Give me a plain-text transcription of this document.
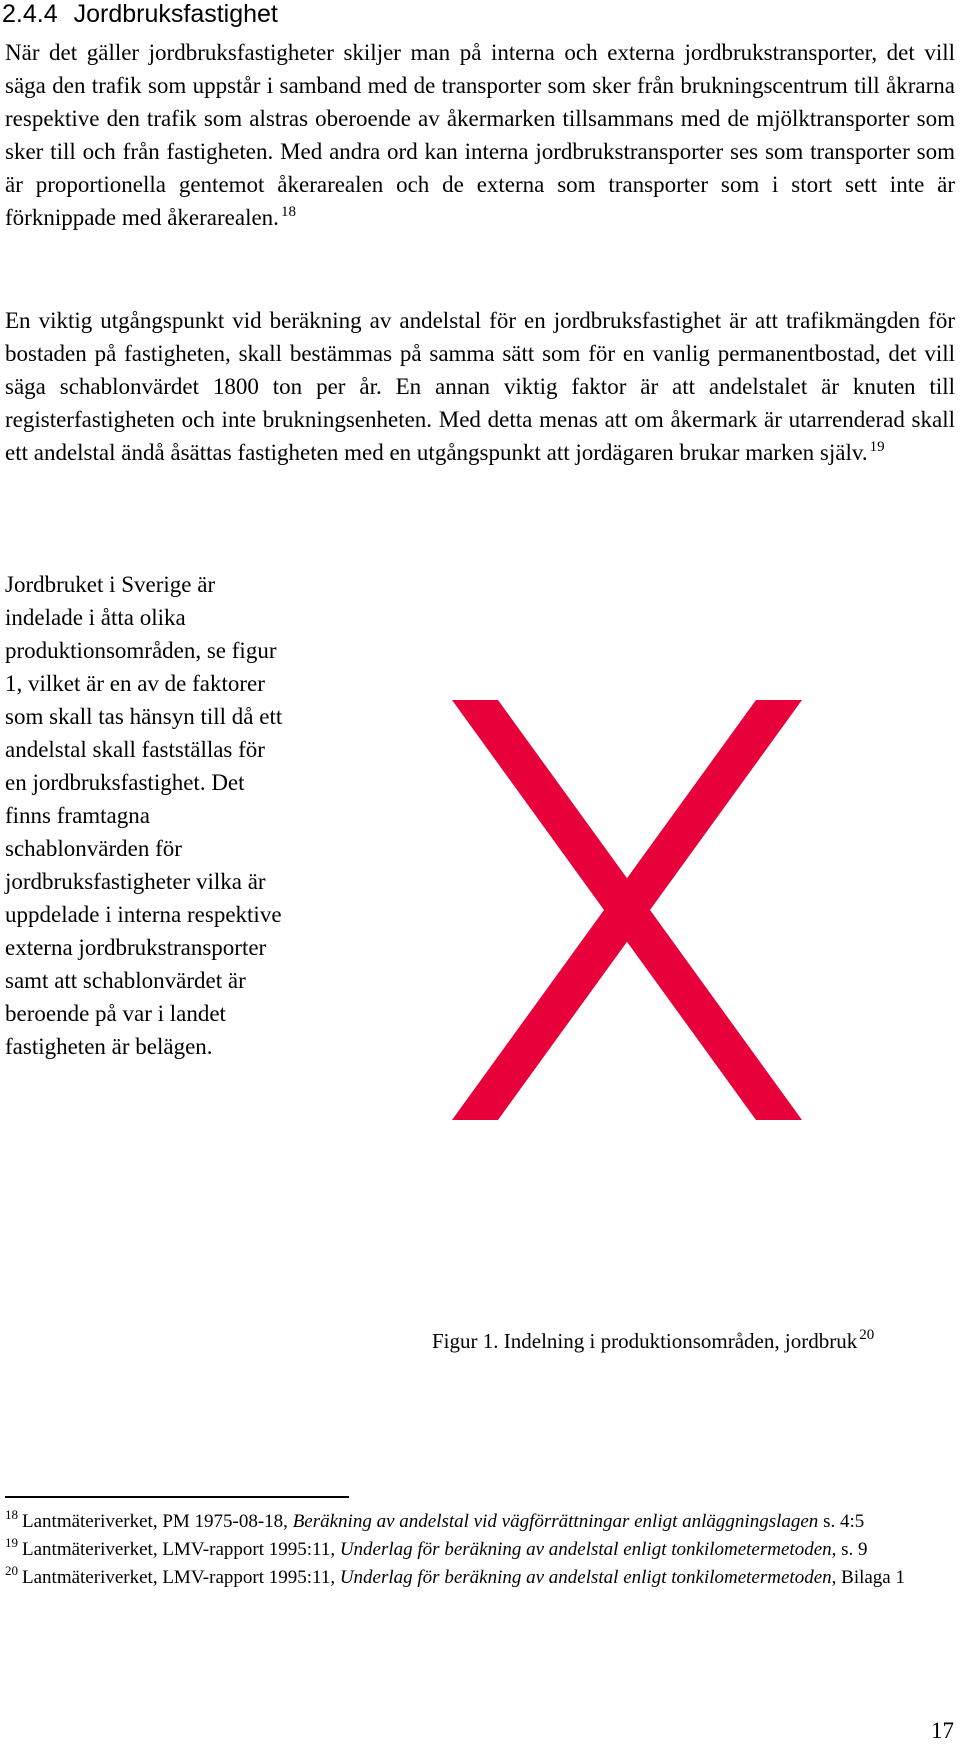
2.4.4 Jordbruksfastighet

När det gäller jordbruksfastigheter skiljer man på interna och externa jordbrukstransporter, det vill säga den trafik som uppstår i samband med de transporter som sker från brukningscentrum till åkrarna respektive den trafik som alstras oberoende av åkermarken tillsammans med de mjölktransporter som sker till och från fastigheten. Med andra ord kan interna jordbrukstransporter ses som transporter som är proportionella gentemot åkerarealen och de externa som transporter som i stort sett inte är förknippade med åkerarealen. $^{18}$

En viktig utgångspunkt vid beräkning av andelstal för en jordbruksfastighet är att trafikmängden för bostaden på fastigheten, skall bestämmas på samma sätt som för en vanlig permanentbostad, det vill säga schablonvärdet 1800 ton per år. En annan viktig faktor är att andelstalet är knuten till registerfastigheten och inte brukningsenheten. Med detta menas att om åkermark är utarrenderad skall ett andelstal ändå åsättas fastigheten med en utgångspunkt att jordägaren brukar marken själv. $^{19}$

Jordbruket i Sverige är indelade i åtta olika produktionsområden, se figur 1, vilket är en av de faktorer som skall tas hänsyn till då ett andelstal skall fastställas för en jordbruksfastighet. Det finns framtagna schablonvärden för jordbruksfastigheter vilka är uppdelade i interna respektive externa jordbrukstransporter samt att schablonvärdet är beroende på var i landet fastigheten är belägen.

Figur 1. Indelning i produktionsområden, jordbruk $^{20}$

$^{18}$ Lantmäteriverket, PM 1975-08-18, Beräkning av andelstal vid vägförrättningar enligt anläggningslagen s. 4:5

$^{19}$ Lantmäteriverket, LMV-rapport 1995:11, Underlag för beräkning av andelstal enligt tonkilometermetoden, s. 9

$^{20}$ Lantmäteriverket, LMV-rapport 1995:11, Underlag för beräkning av andelstal enligt tonkilometermetoden, Bilaga 1

17
